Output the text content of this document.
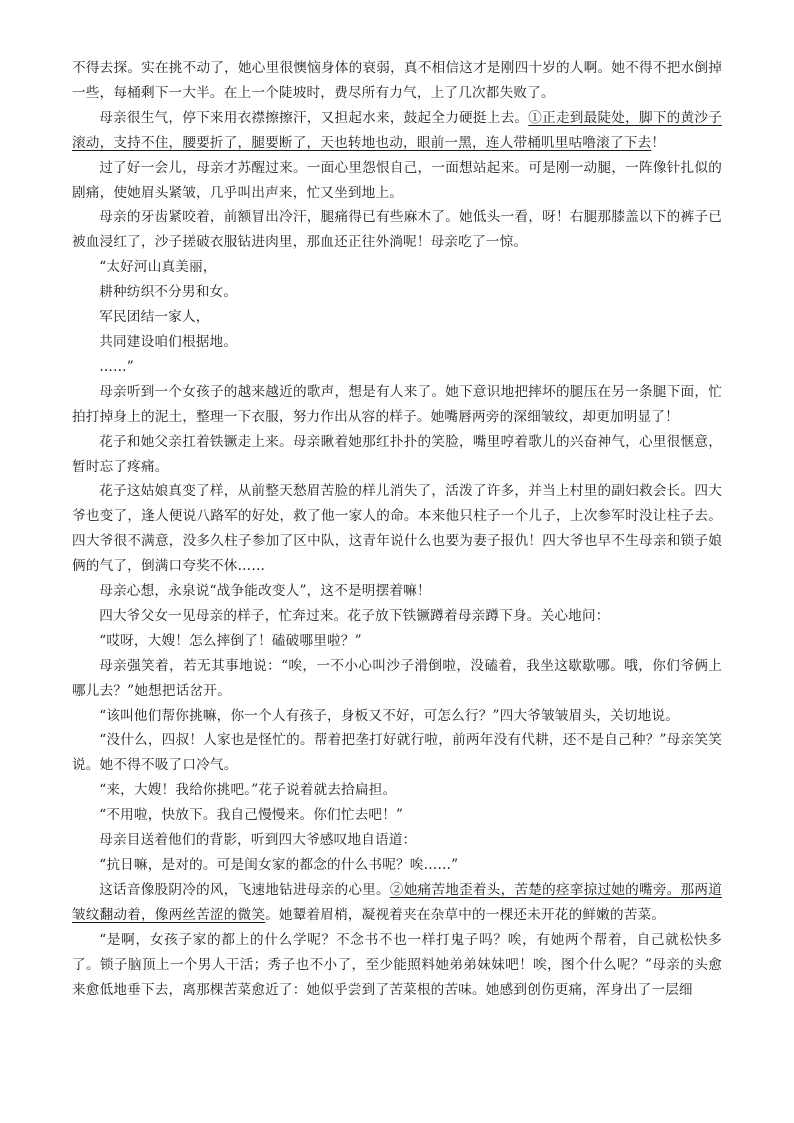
不得去探。实在挑不动了，她心里很懊恼身体的衰弱，真不相信这才是刚四十岁的人啊。她不得不把水倒掉一些，每桶剩下一大半。在上一个陡坡时，费尽所有力气，上了几次都失败了。

母亲很生气，停下来用衣襟擦擦汗，又担起水来，鼓起全力硬挺上去。①正走到最陡处，脚下的黄沙子滚动，支持不住，腰要折了，腿要断了，天也转地也动，眼前一黑，连人带桶叽里咕噜滚了下去！

过了好一会儿，母亲才苏醒过来。一面心里怨恨自己，一面想站起来。可是刚一动腿，一阵像针扎似的剧痛，使她眉头紧皱，几乎叫出声来，忙又坐到地上。

母亲的牙齿紧咬着，前额冒出冷汗，腿痛得已有些麻木了。她低头一看，呀！右腿那膝盖以下的裤子已被血浸红了，沙子搓破衣服钻进肉里，那血还正往外淌呢！母亲吃了一惊。

“太好河山真美丽，

耕种纺织不分男和女。

军民团结一家人，

共同建设咱们根据地。

……”

母亲听到一个女孩子的越来越近的歌声，想是有人来了。她下意识地把摔坏的腿压在另一条腿下面，忙拍打掉身上的泥土，整理一下衣服，努力作出从容的样子。她嘴唇两旁的深细皱纹，却更加明显了！

花子和她父亲扛着铁镢走上来。母亲瞅着她那红扑扑的笑脸，嘴里哼着歌儿的兴奋神气，心里很惬意，暂时忘了疼痛。

花子这姑娘真变了样，从前整天愁眉苦脸的样儿消失了，活泼了许多，并当上村里的副妇救会长。四大爷也变了，逢人便说八路军的好处，救了他一家人的命。本来他只柱子一个儿子，上次参军时没让柱子去。四大爷很不满意，没多久柱子参加了区中队，这青年说什么也要为妻子报仇！四大爷也早不生母亲和锁子娘俩的气了，倒满口夸奖不休……

母亲心想，永泉说“战争能改变人”，这不是明摆着嘛！

四大爷父女一见母亲的样子，忙奔过来。花子放下铁镢蹲着母亲蹲下身。关心地问：

“哎呀，大嫂！怎么摔倒了！磕破哪里啦？”

母亲强笑着，若无其事地说：“唉，一不小心叫沙子滑倒啦，没磕着，我坐这歇歇哪。哦，你们爷俩上哪儿去？”她想把话岔开。

“该叫他们帮你挑嘛，你一个人有孩子，身板又不好，可怎么行？”四大爷皱皱眉头，关切地说。

“没什么，四叔！人家也是怪忙的。帮着把垄打好就行啦，前两年没有代耕，还不是自己种？”母亲笑笑说。她不得不吸了口冷气。

“来，大嫂！我给你挑吧。”花子说着就去拾扁担。

“不用啦，快放下。我自己慢慢来。你们忙去吧！”

母亲目送着他们的背影，听到四大爷感叹地自语道：

“抗日嘛，是对的。可是闺女家的都念的什么书呢？唉……”

这话音像股阴冷的风，飞速地钻进母亲的心里。②她痛苦地歪着头，苦楚的痉挛掠过她的嘴旁。那两道皱纹翻动着，像两丝苦涩的微笑。她颦着眉梢，凝视着夹在杂草中的一棵还未开花的鲜嫩的苦菜。

“是啊，女孩子家的都上的什么学呢？不念书不也一样打鬼子吗？唉，有她两个帮着，自己就松快多了。锁子脑顶上一个男人干活；秀子也不小了，至少能照料她弟弟妹妹吧！唉，图个什么呢？”母亲的头愈来愈低地垂下去，离那棵苦菜愈近了：她似乎尝到了苦菜根的苦味。她感到创伤更痛，浑身出了一层细
